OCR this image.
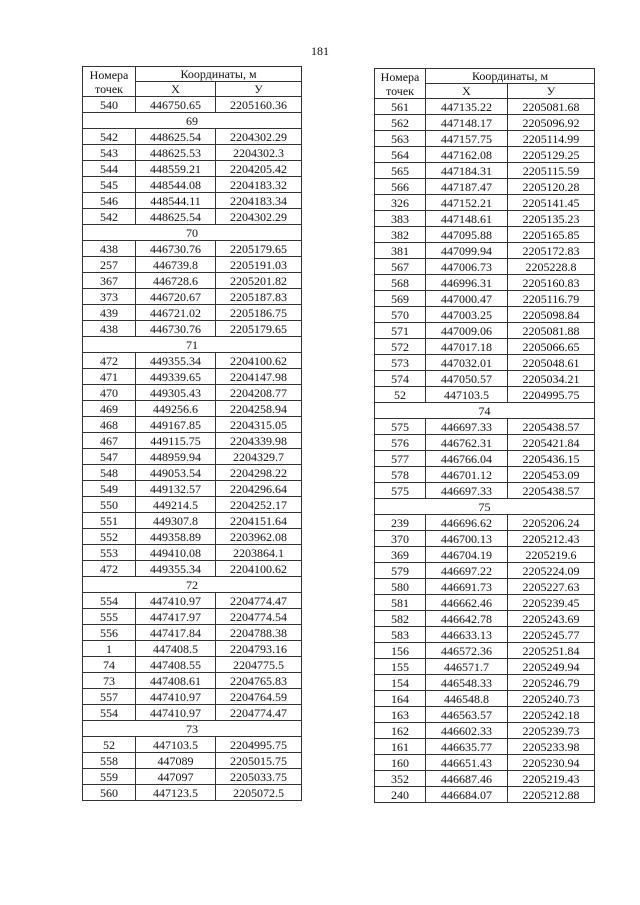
181
Номера точек	Координаты, м	
	X	У
540	446750.65	2205160.36
69		
542	448625.54	2204302.29
543	448625.53	2204302.3
544	448559.21	2204205.42
545	448544.08	2204183.32
546	448544.11	2204183.34
542	448625.54	2204302.29
70		
438	446730.76	2205179.65
257	446739.8	2205191.03
367	446728.6	2205201.82
373	446720.67	2205187.83
439	446721.02	2205186.75
438	446730.76	2205179.65
71		
472	449355.34	2204100.62
471	449339.65	2204147.98
470	449305.43	2204208.77
469	449256.6	2204258.94
468	449167.85	2204315.05
467	449115.75	2204339.98
547	448959.94	2204329.7
548	449053.54	2204298.22
549	449132.57	2204296.64
550	449214.5	2204252.17
551	449307.8	2204151.64
552	449358.89	2203962.08
553	449410.08	2203864.1
472	449355.34	2204100.62
72		
554	447410.97	2204774.47
555	447417.97	2204774.54
556	447417.84	2204788.38
1	447408.5	2204793.16
74	447408.55	2204775.5
73	447408.61	2204765.83
557	447410.97	2204764.59
554	447410.97	2204774.47
73		
52	447103.5	2204995.75
558	447089	2205015.75
559	447097	2205033.75
560	447123.5	2205072.5
Номера точек	Координаты, м	
	X	У
561	447135.22	2205081.68
562	447148.17	2205096.92
563	447157.75	2205114.99
564	447162.08	2205129.25
565	447184.31	2205115.59
566	447187.47	2205120.28
326	447152.21	2205141.45
383	447148.61	2205135.23
382	447095.88	2205165.85
381	447099.94	2205172.83
567	447006.73	2205228.8
568	446996.31	2205160.83
569	447000.47	2205116.79
570	447003.25	2205098.84
571	447009.06	2205081.88
572	447017.18	2205066.65
573	447032.01	2205048.61
574	447050.57	2205034.21
52	447103.5	2204995.75
74		
575	446697.33	2205438.57
576	446762.31	2205421.84
577	446766.04	2205436.15
578	446701.12	2205453.09
575	446697.33	2205438.57
75		
239	446696.62	2205206.24
370	446700.13	2205212.43
369	446704.19	2205219.6
579	446697.22	2205224.09
580	446691.73	2205227.63
581	446662.46	2205239.45
582	446642.78	2205243.69
583	446633.13	2205245.77
156	446572.36	2205251.84
155	446571.7	2205249.94
154	446548.33	2205246.79
164	446548.8	2205240.73
163	446563.57	2205242.18
162	446602.33	2205239.73
161	446635.77	2205233.98
160	446651.43	2205230.94
352	446687.46	2205219.43
240	446684.07	2205212.88
